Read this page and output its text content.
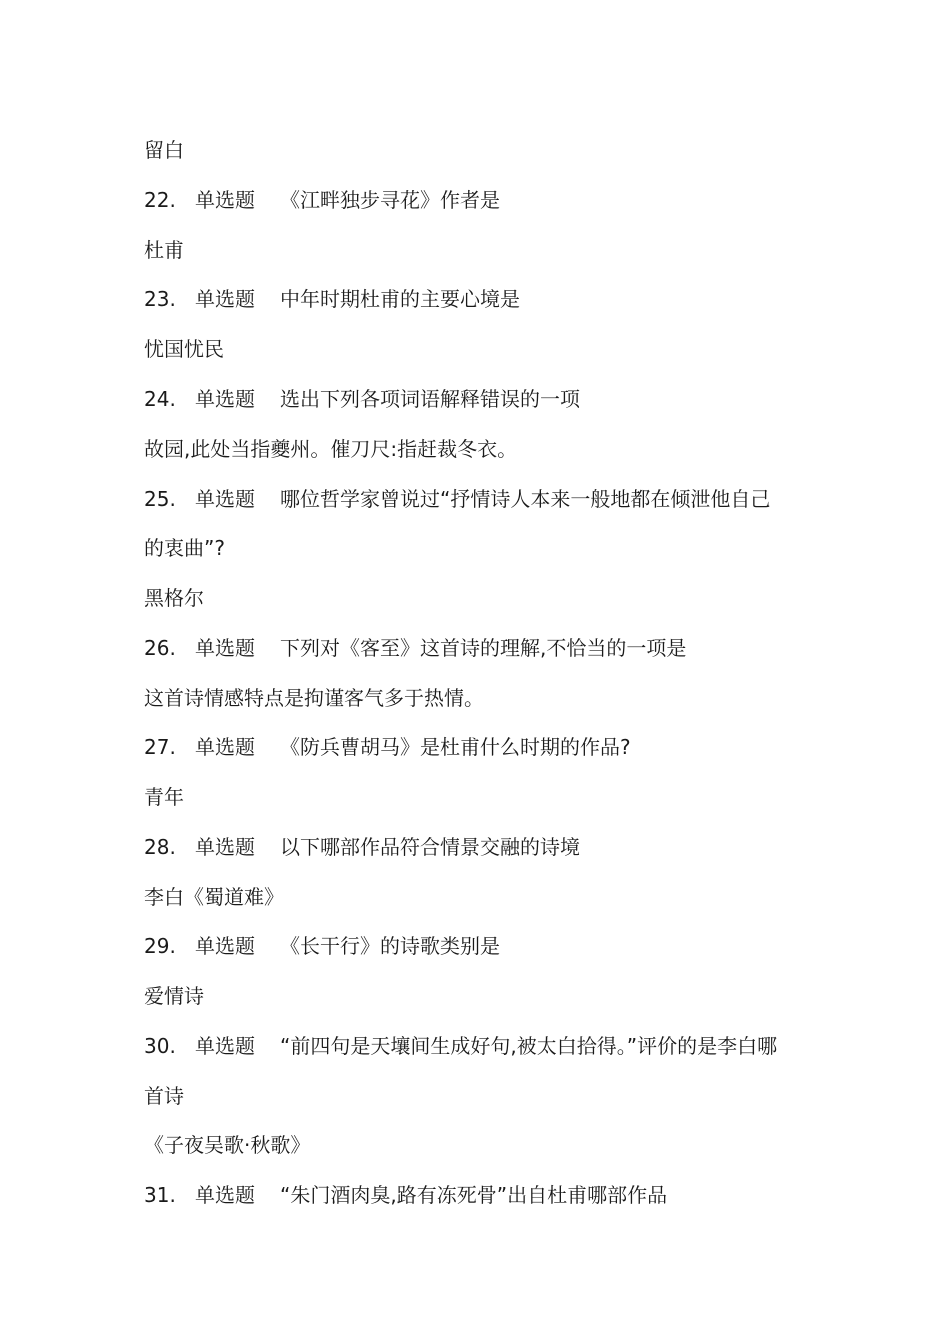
留白
22. 单选题 《江畔独步寻花》作者是
杜甫
23. 单选题 中年时期杜甫的主要心境是
忧国忧民
24. 单选题 选出下列各项词语解释错误的一项
故园,此处当指夔州。催刀尺:指赶裁冬衣。
25. 单选题 哪位哲学家曾说过“抒情诗人本来一般地都在倾泄他自己
的衷曲”?
黑格尔
26. 单选题 下列对《客至》这首诗的理解,不恰当的一项是
这首诗情感特点是拘谨客气多于热情。
27. 单选题 《防兵曹胡马》是杜甫什么时期的作品?
青年
28. 单选题 以下哪部作品符合情景交融的诗境
李白《蜀道难》
29. 单选题 《长干行》的诗歌类别是
爱情诗
30. 单选题 “前四句是天壤间生成好句,被太白拾得。”评价的是李白哪
首诗
《子夜吴歌·秋歌》
31. 单选题 “朱门酒肉臭,路有冻死骨”出自杜甫哪部作品
